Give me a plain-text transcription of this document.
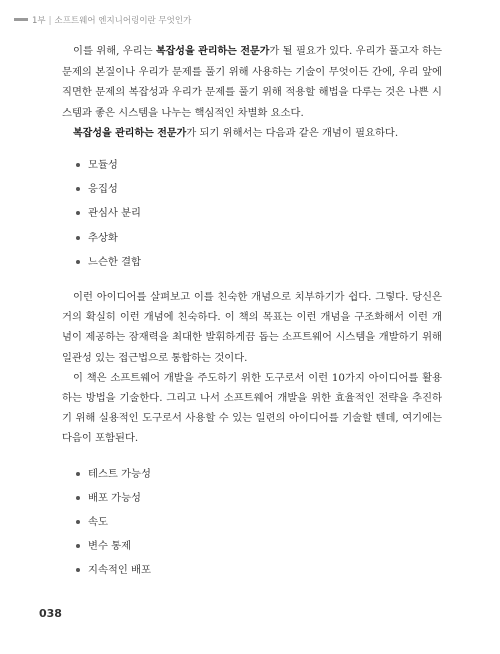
1부 | 소프트웨어 엔지니어링이란 무엇인가

이를 위해, 우리는 복잡성을 관리하는 전문가가 될 필요가 있다. 우리가 풀고자 하는 문제의 본질이나 우리가 문제를 풀기 위해 사용하는 기술이 무엇이든 간에, 우리 앞에 직면한 문제의 복잡성과 우리가 문제를 풀기 위해 적용할 해법을 다루는 것은 나쁜 시스템과 좋은 시스템을 나누는 핵심적인 차별화 요소다.

복잡성을 관리하는 전문가가 되기 위해서는 다음과 같은 개념이 필요하다.

모듈성
응집성
관심사 분리
추상화
느슨한 결합

이런 아이디어를 살펴보고 이를 친숙한 개념으로 치부하기가 쉽다. 그렇다. 당신은 거의 확실히 이런 개념에 친숙하다. 이 책의 목표는 이런 개념을 구조화해서 이런 개념이 제공하는 잠재력을 최대한 발휘하게끔 돕는 소프트웨어 시스템을 개발하기 위해 일관성 있는 접근법으로 통합하는 것이다.

이 책은 소프트웨어 개발을 주도하기 위한 도구로서 이런 10가지 아이디어를 활용하는 방법을 기술한다. 그리고 나서 소프트웨어 개발을 위한 효율적인 전략을 추진하기 위해 실용적인 도구로서 사용할 수 있는 일련의 아이디어를 기술할 텐데, 여기에는 다음이 포함된다.

테스트 가능성
배포 가능성
속도
변수 통제
지속적인 배포
038
